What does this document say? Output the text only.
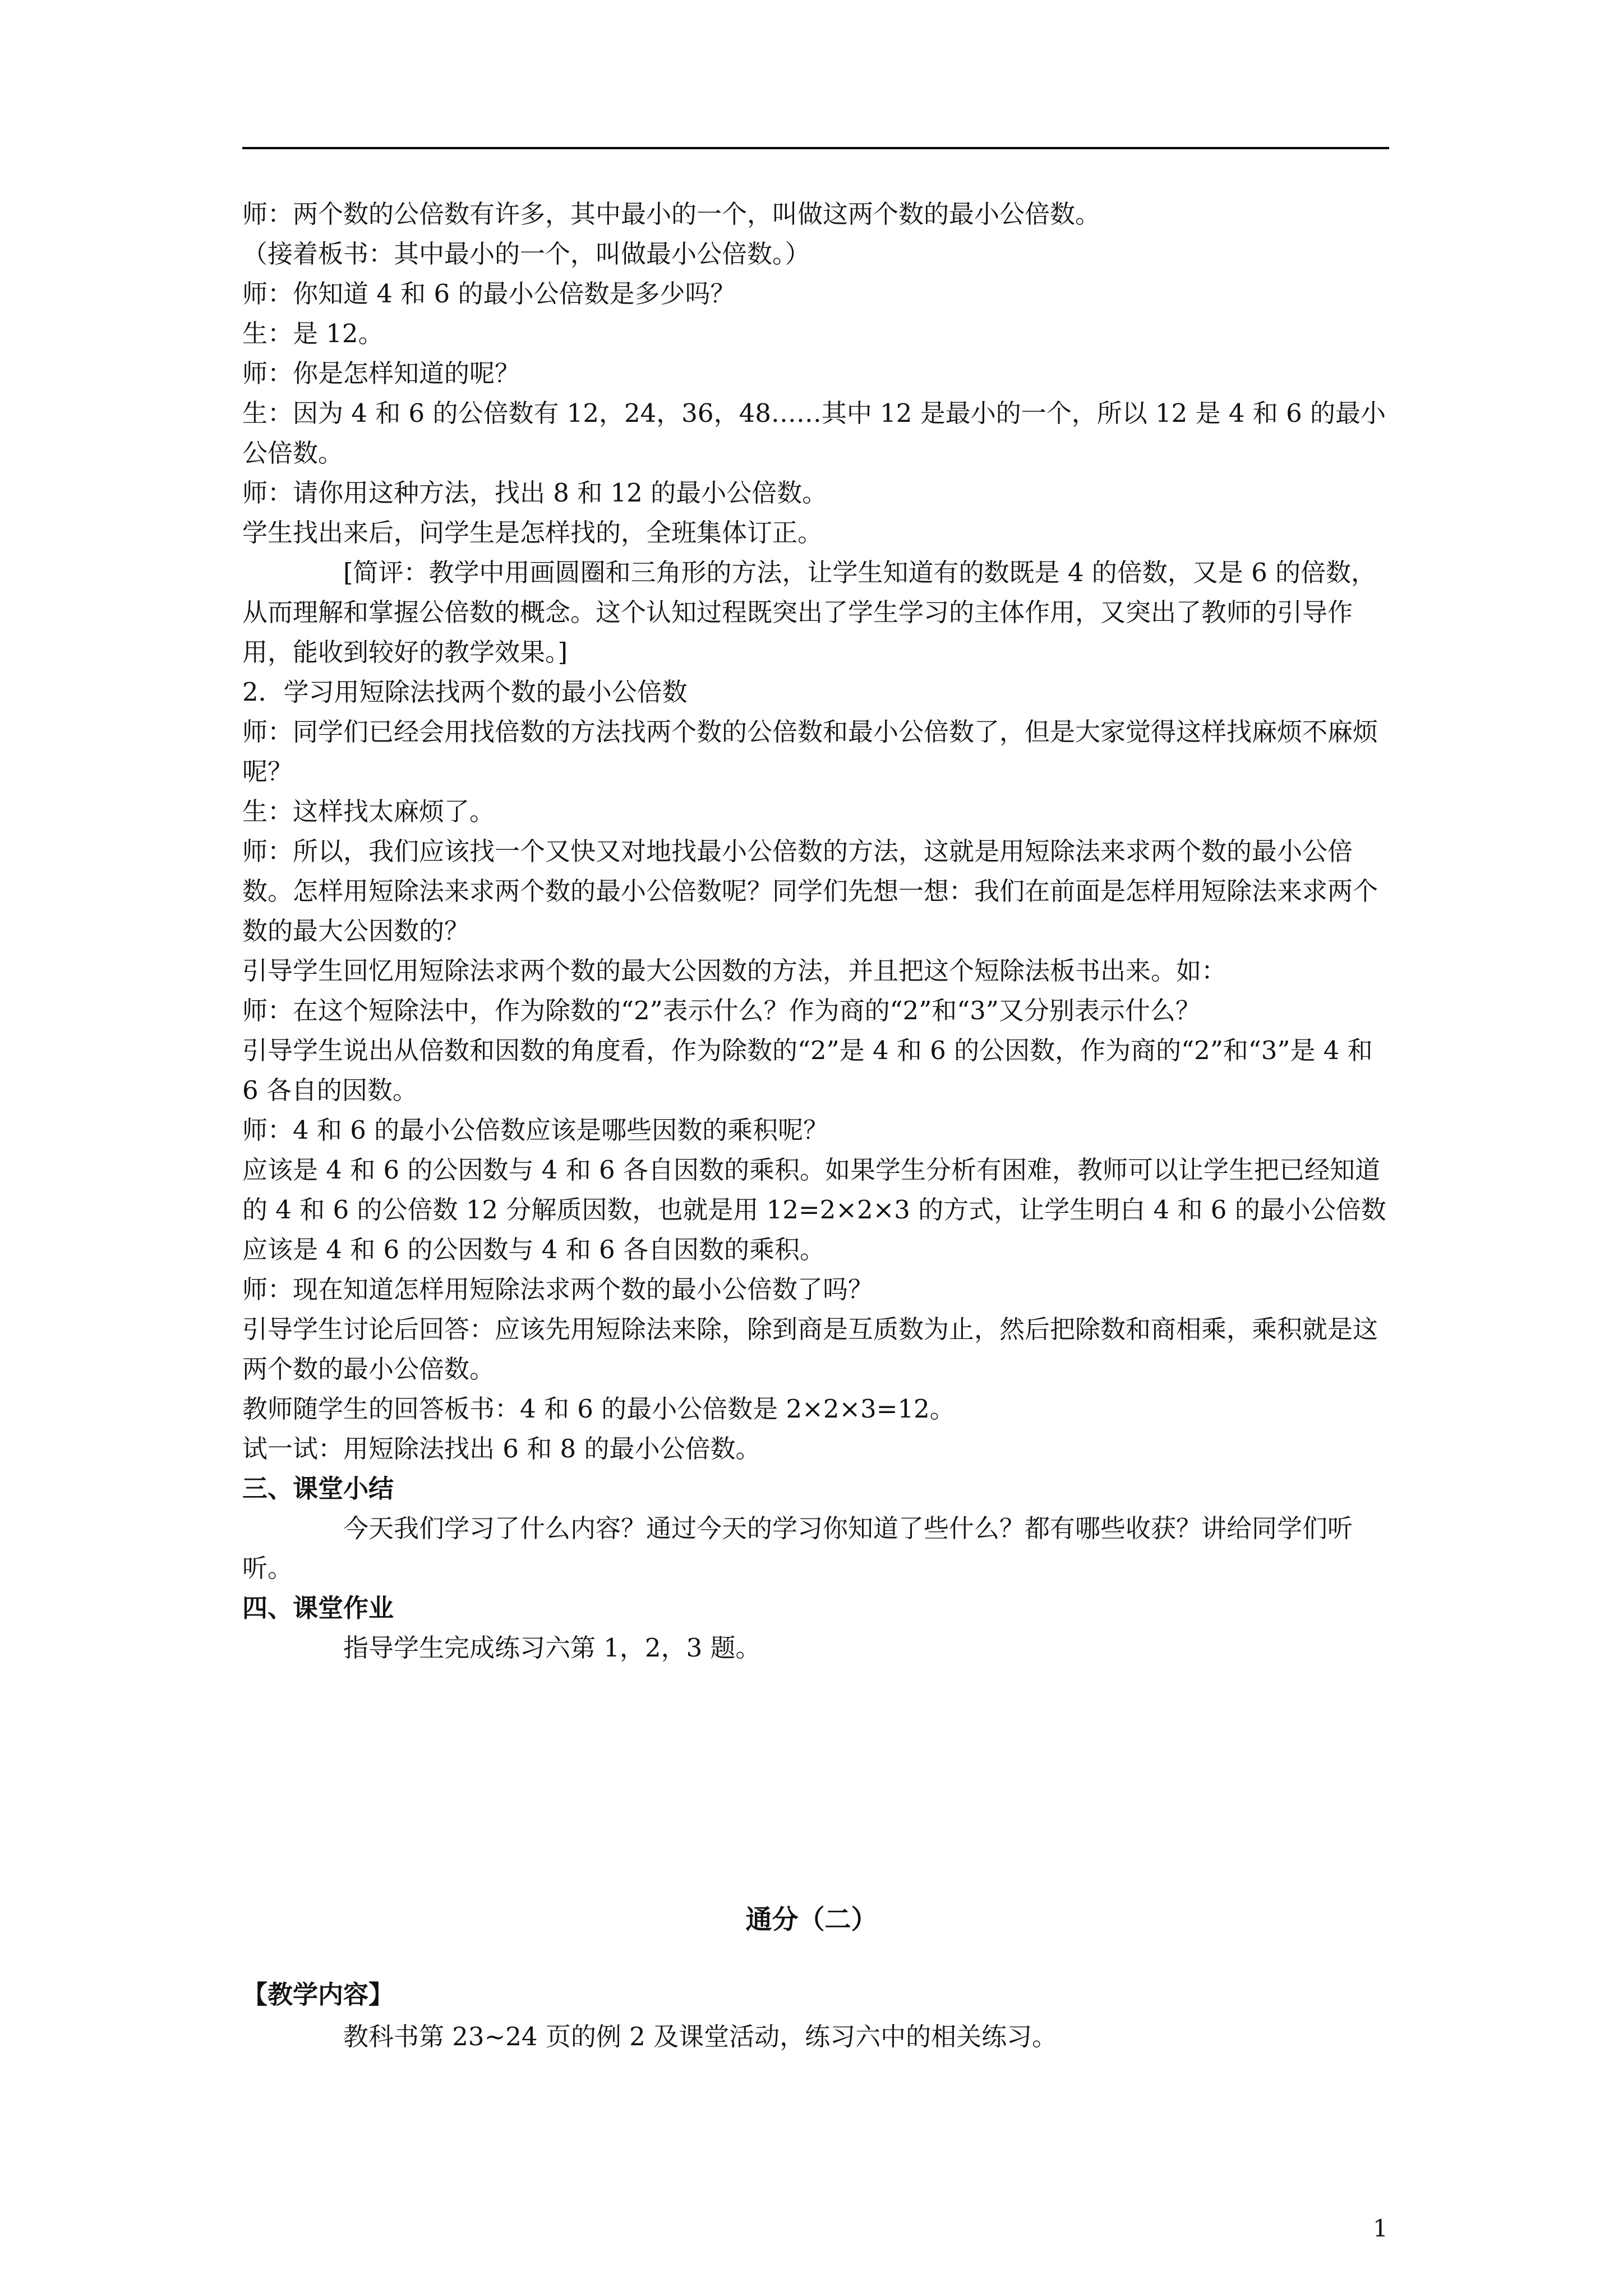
师：两个数的公倍数有许多，其中最小的一个，叫做这两个数的最小公倍数。

（接着板书：其中最小的一个，叫做最小公倍数。）

师：你知道 4 和 6 的最小公倍数是多少吗？

生：是 12。

师：你是怎样知道的呢？

生：因为 4 和 6 的公倍数有 12，24，36，48……其中 12 是最小的一个，所以 12 是 4 和 6 的最小公倍数。

师：请你用这种方法，找出 8 和 12 的最小公倍数。

学生找出来后，问学生是怎样找的，全班集体订正。

[简评：教学中用画圆圈和三角形的方法，让学生知道有的数既是 4 的倍数，又是 6 的倍数，从而理解和掌握公倍数的概念。这个认知过程既突出了学生学习的主体作用，又突出了教师的引导作用，能收到较好的教学效果。]

2．学习用短除法找两个数的最小公倍数

师：同学们已经会用找倍数的方法找两个数的公倍数和最小公倍数了，但是大家觉得这样找麻烦不麻烦呢？

生：这样找太麻烦了。

师：所以，我们应该找一个又快又对地找最小公倍数的方法，这就是用短除法来求两个数的最小公倍数。怎样用短除法来求两个数的最小公倍数呢？同学们先想一想：我们在前面是怎样用短除法来求两个数的最大公因数的？

引导学生回忆用短除法求两个数的最大公因数的方法，并且把这个短除法板书出来。如：

师：在这个短除法中，作为除数的“2”表示什么？作为商的“2”和“3”又分别表示什么？

引导学生说出从倍数和因数的角度看，作为除数的“2”是 4 和 6 的公因数，作为商的“2”和“3”是 4 和 6 各自的因数。

师：4 和 6 的最小公倍数应该是哪些因数的乘积呢？

应该是 4 和 6 的公因数与 4 和 6 各自因数的乘积。如果学生分析有困难，教师可以让学生把已经知道的 4 和 6 的公倍数 12 分解质因数，也就是用 12=2×2×3 的方式，让学生明白 4 和 6 的最小公倍数应该是 4 和 6 的公因数与 4 和 6 各自因数的乘积。

师：现在知道怎样用短除法求两个数的最小公倍数了吗？

引导学生讨论后回答：应该先用短除法来除，除到商是互质数为止，然后把除数和商相乘，乘积就是这两个数的最小公倍数。

教师随学生的回答板书：4 和 6 的最小公倍数是 2×2×3=12。

试一试：用短除法找出 6 和 8 的最小公倍数。

三、课堂小结

今天我们学习了什么内容？通过今天的学习你知道了些什么？都有哪些收获？讲给同学们听听。

四、课堂作业

指导学生完成练习六第 1，2，3 题。

通分（二）

【教学内容】

教科书第 23~24 页的例 2 及课堂活动，练习六中的相关练习。

1
